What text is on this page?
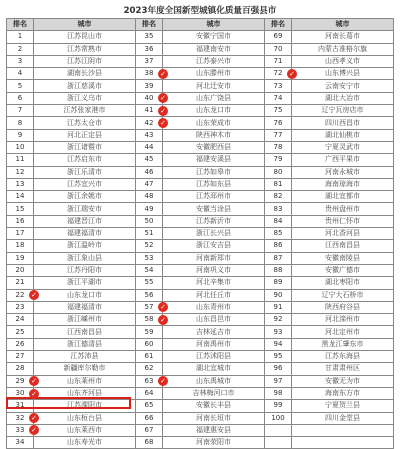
2023年度全国新型城镇化质量百强县市
排名	城市	排名	城市	排名	城市
1	江苏昆山市	35	安徽宁国市	69	河南长葛市
2	江苏常熟市	36	福建南安市	70	内蒙古准格尔旗
3	江苏江阴市	37	江苏泰兴市	71	山西孝义市
4	湖南长沙县	38	山东滕州市	72	山东博兴县
5	浙江慈溪市	39	河北迁安市	73	云南安宁市
6	浙江义乌市	40	山东广饶县	74	湖北大冶市
7	江苏张家港市	41	山东龙口市	75	辽宁瓦房店市
8	江苏太仓市	42	山东荣成市	76	四川西昌市
9	河北正定县	43	陕西神木市	77	湖北仙桃市
10	浙江诸暨市	44	安徽肥西县	78	宁夏灵武市
11	江苏启东市	45	福建安溪县	79	广西平果市
12	浙江乐清市	46	江苏如皋市	80	河南永城市
13	江苏宜兴市	47	江苏如东县	81	海南琼海市
14	浙江余姚市	48	江苏邳州市	82	湖北宜都市
15	浙江瑞安市	49	安徽当涂县	83	贵州盘州市
16	福建晋江市	50	江苏新沂市	84	贵州仁怀市
17	福建福清市	51	浙江长兴县	85	河北香河县
18	浙江温岭市	52	浙江安吉县	86	江西南昌县
19	浙江象山县	53	河南新郑市	87	安徽南陵县
20	江苏丹阳市	54	河南巩义市	88	安徽广德市
21	浙江平湖市	55	河北辛集市	89	湖北枣阳市
22	山东龙口市	56	河北任丘市	90	辽宁大石桥市
23	福建福清市	57	山东青州市	91	陕西府谷县
24	浙江嵊州市	58	山东昌邑市	92	河北滦州市
25	江西南昌县	59	吉林延吉市	93	河北定州市
26	浙江德清县	60	河南禹州市	94	黑龙江肇东市
27	江苏沛县	61	江苏沭阳县	95	江苏东海县
28	新疆库尔勒市	62	湖北宜城市	96	甘肃肃州区
29	山东莱州市	63	山东禹城市	97	安徽无为市
30	山东齐河县	64	吉林梅河口市	98	海南东方市
31	江苏溧阳市	65	安徽长丰县	99	宁夏贺兰县
32	山东桓台县	66	河南长垣市	100	四川金堂县
33	山东莱西市	67	福建惠安县		
34	山东寿光市	68	河南荥阳市		
✓	✓
✓
✓
✓
✓
✓
✓
✓	✓
✓
✓
✓
